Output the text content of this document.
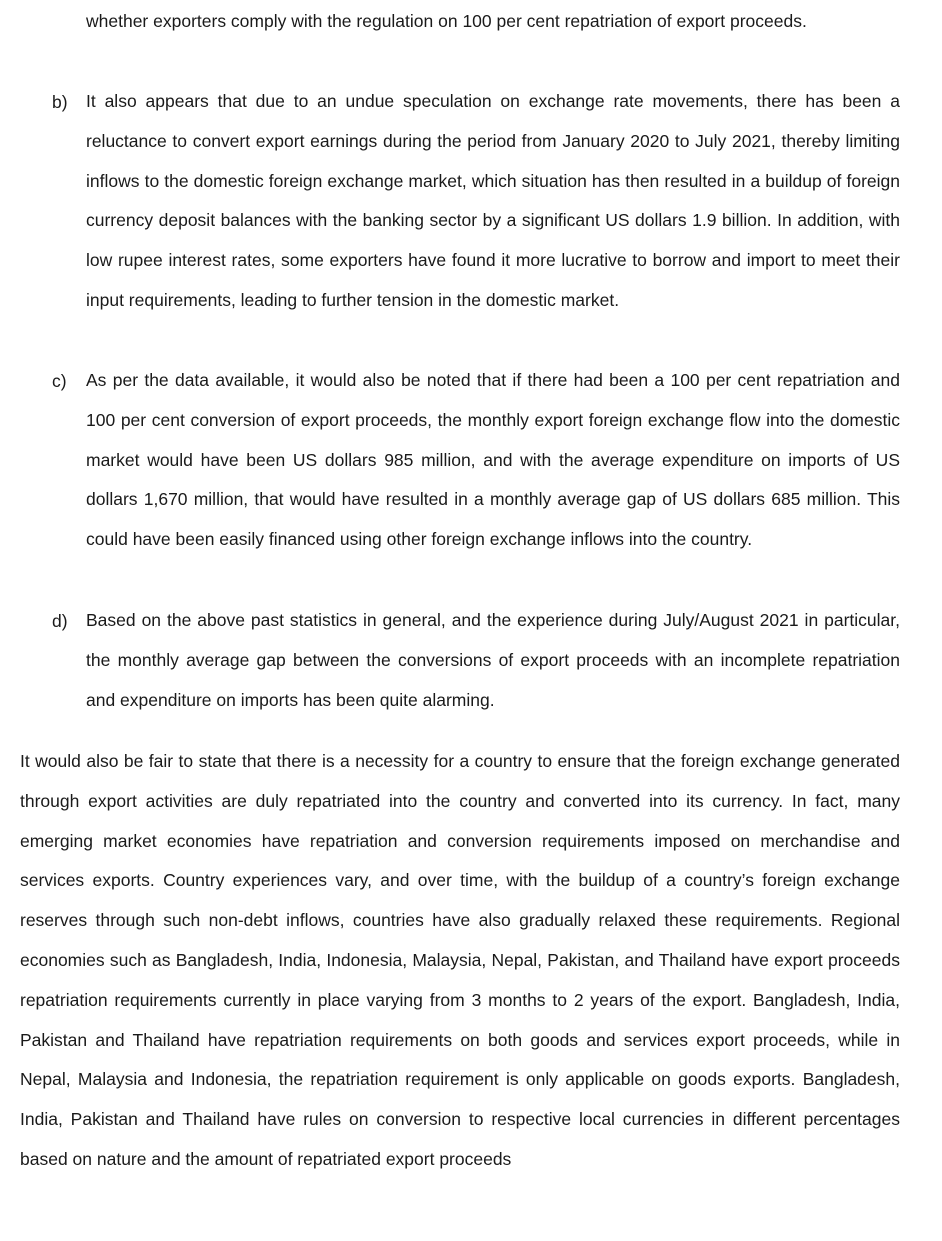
whether exporters comply with the regulation on 100 per cent repatriation of export proceeds.
b)	It also appears that due to an undue speculation on exchange rate movements, there has been a reluctance to convert export earnings during the period from January 2020 to July 2021, thereby limiting inflows to the domestic foreign exchange market, which situation has then resulted in a buildup of foreign currency deposit balances with the banking sector by a significant US dollars 1.9 billion. In addition, with low rupee interest rates, some exporters have found it more lucrative to borrow and import to meet their input requirements, leading to further tension in the domestic market.
c)	As per the data available, it would also be noted that if there had been a 100 per cent repatriation and 100 per cent conversion of export proceeds, the monthly export foreign exchange flow into the domestic market would have been US dollars 985 million, and with the average expenditure on imports of US dollars 1,670 million, that would have resulted in a monthly average gap of US dollars 685 million. This could have been easily financed using other foreign exchange inflows into the country.
d)	Based on the above past statistics in general, and the experience during July/August 2021 in particular, the monthly average gap between the conversions of export proceeds with an incomplete repatriation and expenditure on imports has been quite alarming.
It would also be fair to state that there is a necessity for a country to ensure that the foreign exchange generated through export activities are duly repatriated into the country and converted into its currency. In fact, many emerging market economies have repatriation and conversion requirements imposed on merchandise and services exports. Country experiences vary, and over time, with the buildup of a country’s foreign exchange reserves through such non-debt inflows, countries have also gradually relaxed these requirements. Regional economies such as Bangladesh, India, Indonesia, Malaysia, Nepal, Pakistan, and Thailand have export proceeds repatriation requirements currently in place varying from 3 months to 2 years of the export. Bangladesh, India, Pakistan and Thailand have repatriation requirements on both goods and services export proceeds, while in Nepal, Malaysia and Indonesia, the repatriation requirement is only applicable on goods exports. Bangladesh, India, Pakistan and Thailand have rules on conversion to respective local currencies in different percentages based on nature and the amount of repatriated export proceeds
